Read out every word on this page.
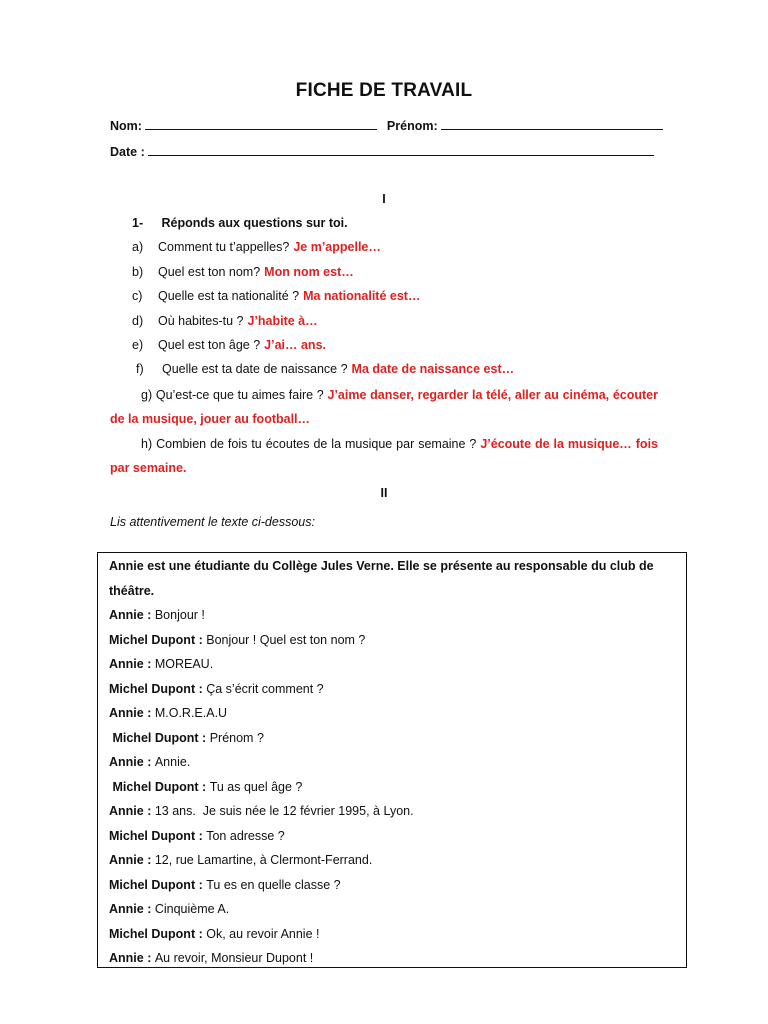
FICHE DE TRAVAIL
Nom:	Prénom:
Date :
I
1- Réponds aux questions sur toi.
a) Comment tu t’appelles? Je m’appelle…
b) Quel est ton nom? Mon nom est…
c) Quelle est ta nationalité ? Ma nationalité est…
d) Où habites-tu ? J’habite à…
e) Quel est ton âge ? J’ai… ans.
f) Quelle est ta date de naissance ? Ma date de naissance est…
g) Qu’est-ce que tu aimes faire ? J’aime danser, regarder la télé, aller au cinéma, écouter de la musique, jouer au football…
h) Combien de fois tu écoutes de la musique par semaine ? J’écoute de la musique… fois par semaine.
II
Lis attentivement le texte ci-dessous:
Annie est une étudiante du Collège Jules Verne. Elle se présente au responsable du club de
théâtre.
Annie : Bonjour !
Michel Dupont : Bonjour ! Quel est ton nom ?
Annie : MOREAU.
Michel Dupont : Ça s’écrit comment ?
Annie : M.O.R.E.A.U
Michel Dupont : Prénom ?
Annie : Annie.
Michel Dupont : Tu as quel âge ?
Annie : 13 ans.  Je suis née le 12 février 1995, à Lyon.
Michel Dupont : Ton adresse ?
Annie : 12, rue Lamartine, à Clermont-Ferrand.
Michel Dupont : Tu es en quelle classe ?
Annie : Cinquième A.
Michel Dupont : Ok, au revoir Annie !
Annie : Au revoir, Monsieur Dupont !
